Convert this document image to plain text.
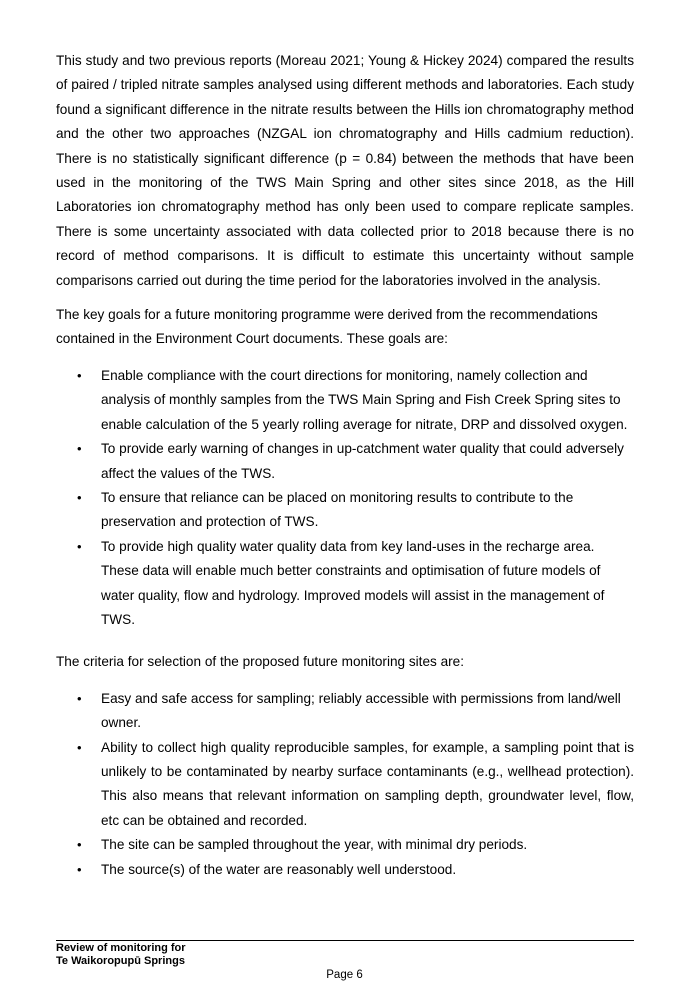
This study and two previous reports (Moreau 2021; Young & Hickey 2024) compared the results of paired / tripled nitrate samples analysed using different methods and laboratories. Each study found a significant difference in the nitrate results between the Hills ion chromatography method and the other two approaches (NZGAL ion chromatography and Hills cadmium reduction). There is no statistically significant difference (p = 0.84) between the methods that have been used in the monitoring of the TWS Main Spring and other sites since 2018, as the Hill Laboratories ion chromatography method has only been used to compare replicate samples. There is some uncertainty associated with data collected prior to 2018 because there is no record of method comparisons. It is difficult to estimate this uncertainty without sample comparisons carried out during the time period for the laboratories involved in the analysis.

The key goals for a future monitoring programme were derived from the recommendations contained in the Environment Court documents. These goals are:

• Enable compliance with the court directions for monitoring, namely collection and analysis of monthly samples from the TWS Main Spring and Fish Creek Spring sites to enable calculation of the 5 yearly rolling average for nitrate, DRP and dissolved oxygen.
• To provide early warning of changes in up-catchment water quality that could adversely affect the values of the TWS.
• To ensure that reliance can be placed on monitoring results to contribute to the preservation and protection of TWS.
• To provide high quality water quality data from key land-uses in the recharge area. These data will enable much better constraints and optimisation of future models of water quality, flow and hydrology. Improved models will assist in the management of TWS.

The criteria for selection of the proposed future monitoring sites are:

• Easy and safe access for sampling; reliably accessible with permissions from land/well owner.
• Ability to collect high quality reproducible samples, for example, a sampling point that is unlikely to be contaminated by nearby surface contaminants (e.g., wellhead protection). This also means that relevant information on sampling depth, groundwater level, flow, etc can be obtained and recorded.
• The site can be sampled throughout the year, with minimal dry periods.
• The source(s) of the water are reasonably well understood.
Review of monitoring for
Te Waikoropupū Springs
Page 6
